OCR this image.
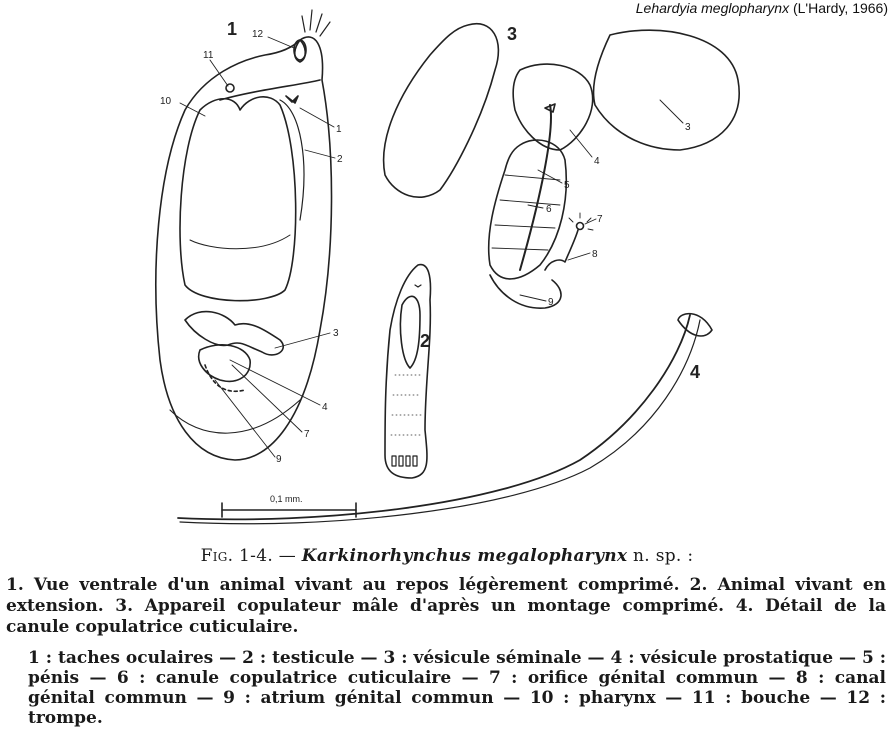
Lehardyia meglopharynx (L'Hardy, 1966)
1
2
3
4
12
11
10
1
2
3
4
7
9
3
4
5
6
7
8
9
0,1 mm.
Fig. 1-4. — Karkinorhynchus megalopharynx n. sp. :
1. Vue ventrale d'un animal vivant au repos légèrement comprimé. 2. Animal vivant en extension. 3. Appareil copulateur mâle d'après un montage comprimé. 4. Détail de la canule copulatrice cuticulaire.
1 : taches oculaires — 2 : testicule — 3 : vésicule séminale — 4 : vésicule prostatique — 5 : pénis — 6 : canule copulatrice cuticulaire — 7 : orifice génital commun — 8 : canal génital commun — 9 : atrium génital commun — 10 : pharynx — 11 : bouche — 12 : trompe.
